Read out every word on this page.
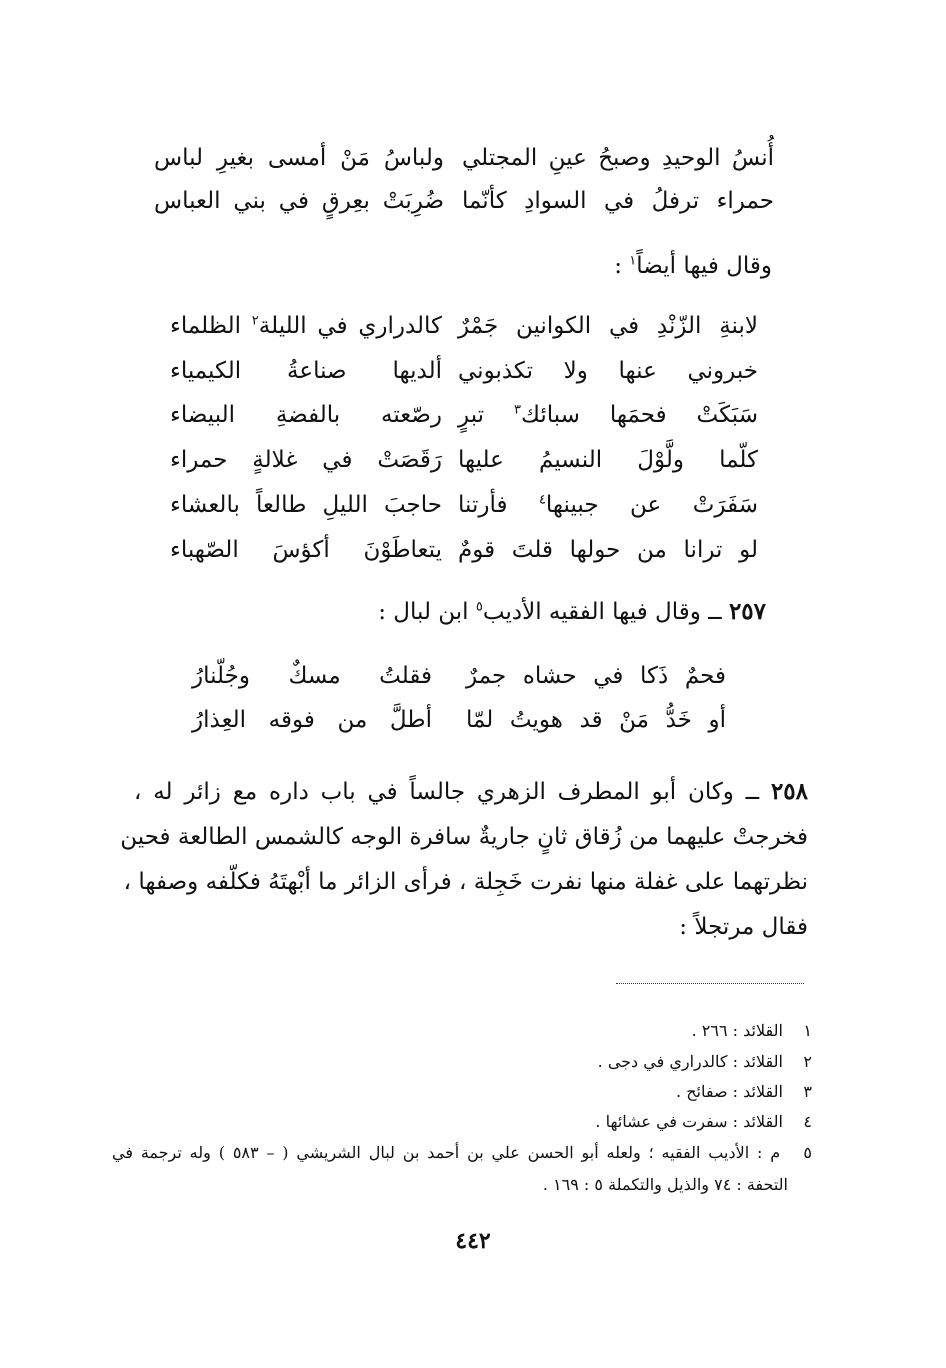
أُنسُ الوحيدِ وصبحُ عينِ المجتلي
ولباسُ مَنْ أمسى بغيرِ لباس
حمراء ترفلُ في السوادِ كأنّما
ضُرِبَتْ بعِرقٍ في بني العباس
وقال فيها أيضاً$^١$ :
لابنةِ الزّنْدِ في الكوانين جَمْرٌ
كالدراري في الليلة$^٢$ الظلماء
خبروني عنها ولا تكذبوني
ألديها صناعةُ الكيمياء
سَبَكَتْ فحمَها سبائك$^٣$ تبرٍ
رصّعته بالفضةِ البيضاء
كلّما ولَّوْلَ النسيمُ عليها
رَقَصَتْ في غلالةٍ حمراء
سَفَرَتْ عن جبينها$^٤$ فأرتنا
حاجبَ الليلِ طالعاً بالعشاء
لو ترانا من حولها قلتَ قومٌ
يتعاطَوْنَ أكؤسَ الصّهباء
٢٥٧ ــ وقال فيها الفقيه الأديب$^٥$ ابن لبال :
فحمٌ ذَكا في حشاه جمرٌ
فقلتُ مسكٌ وجُلّنارُ
أو خَدُّ مَنْ قد هويتُ لمّا
أطلَّ من فوقه العِذارُ
٢٥٨ ــ وكان أبو المطرف الزهري جالساً في باب داره مع زائر له ،
فخرجتْ عليهما من زُقاق ثانٍ جاريةٌ سافرة الوجه كالشمس الطالعة فحين
نظرتهما على غفلة منها نفرت خَجِلة ، فرأى الزائر ما أبْهتَهُ فكلّفه وصفها ،
فقال مرتجلاً :
١ القلائد : ٢٦٦ .
٢ القلائد : كالدراري في دجى .
٣ القلائد : صفائح .
٤ القلائد : سفرت في عشائها .
٥ م : الأديب الفقيه ؛ ولعله أبو الحسن علي بن أحمد بن لبال الشريشي ( – ٥٨٣ ) وله ترجمة في
التحفة : ٧٤ والذيل والتكملة ٥ : ١٦٩ .
٤٤٢
